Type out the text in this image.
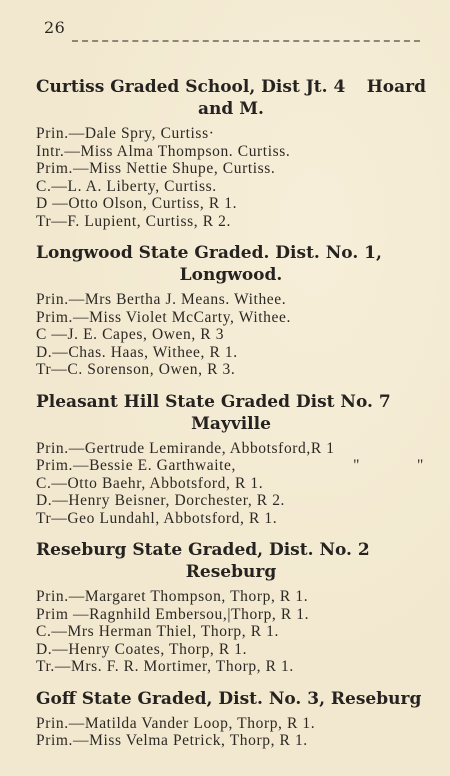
26
Curtiss Graded School, Dist Jt. 4 Hoard
and M.
Prin.—Dale Spry, Curtiss·
Intr.—Miss Alma Thompson. Curtiss.
Prim.—Miss Nettie Shupe, Curtiss.
C.—L. A. Liberty, Curtiss.
D —Otto Olson, Curtiss, R 1.
Tr—F. Lupient, Curtiss, R 2.
Longwood State Graded. Dist. No. 1,
Longwood.
Prin.—Mrs Bertha J. Means. Withee.
Prim.—Miss Violet McCarty, Withee.
C —J. E. Capes, Owen, R 3
D.—Chas. Haas, Withee, R 1.
Tr—C. Sorenson, Owen, R 3.
Pleasant Hill State Graded Dist No. 7
Mayville
Prin.—Gertrude Lemirande, Abbotsford,R 1
Prim.—Bessie E. Garthwaite,	"	"
C.—Otto Baehr, Abbotsford, R 1.
D.—Henry Beisner, Dorchester, R 2.
Tr—Geo Lundahl, Abbotsford, R 1.
Reseburg State Graded, Dist. No. 2
Reseburg
Prin.—Margaret Thompson, Thorp, R 1.
Prim —Ragnhild Embersou,|Thorp, R 1.
C.—Mrs Herman Thiel, Thorp, R 1.
D.—Henry Coates, Thorp, R 1.
Tr.—Mrs. F. R. Mortimer, Thorp, R 1.
Goff State Graded, Dist. No. 3, Reseburg
Prin.—Matilda Vander Loop, Thorp, R 1.
Prim.—Miss Velma Petrick, Thorp, R 1.
